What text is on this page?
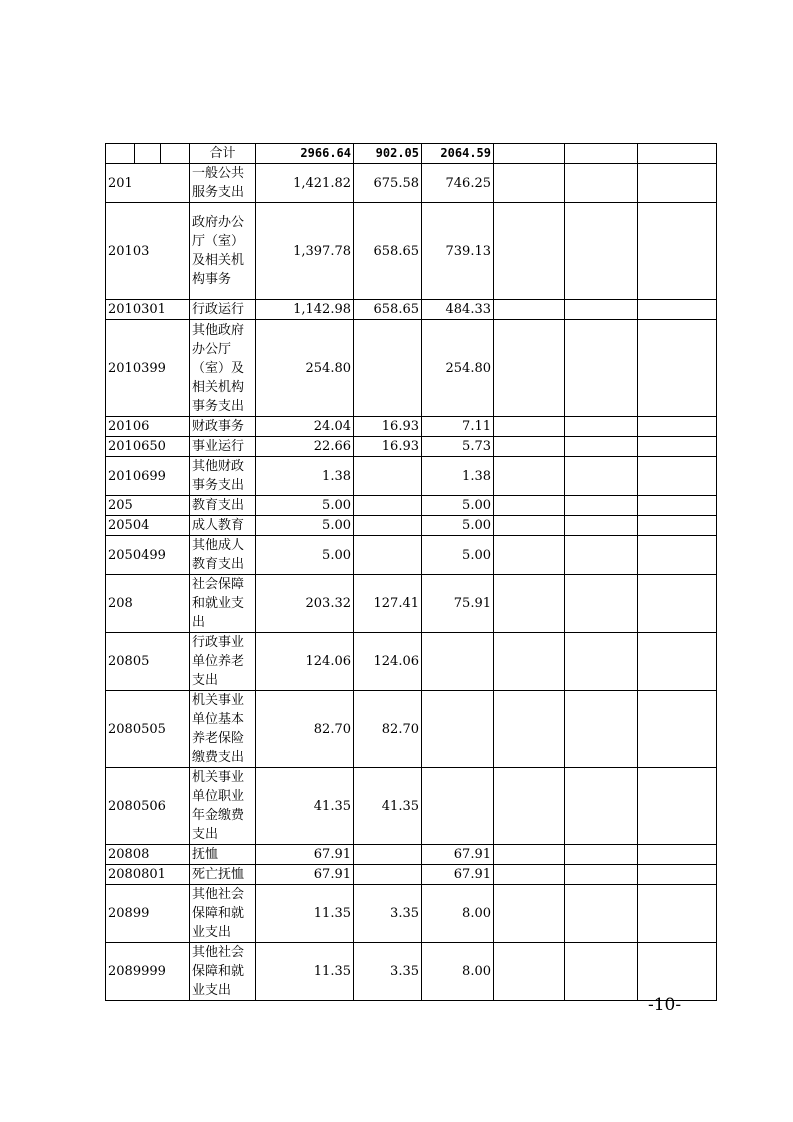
	合计	2966.64	902.05	2064.59			
201	一般公共服务支出	1,421.82	675.58	746.25			
20103	政府办公厅（室）及相关机构事务	1,397.78	658.65	739.13			
2010301	行政运行	1,142.98	658.65	484.33			
2010399	其他政府办公厅（室）及相关机构事务支出	254.80		254.80			
20106	财政事务	24.04	16.93	7.11			
2010650	事业运行	22.66	16.93	5.73			
2010699	其他财政事务支出	1.38		1.38			
205	教育支出	5.00		5.00			
20504	成人教育	5.00		5.00			
2050499	其他成人教育支出	5.00		5.00			
208	社会保障和就业支出	203.32	127.41	75.91			
20805	行政事业单位养老支出	124.06	124.06				
2080505	机关事业单位基本养老保险缴费支出	82.70	82.70				
2080506	机关事业单位职业年金缴费支出	41.35	41.35				
20808	抚恤	67.91		67.91			
2080801	死亡抚恤	67.91		67.91			
20899	其他社会保障和就业支出	11.35	3.35	8.00			
2089999	其他社会保障和就业支出	11.35	3.35	8.00			
-10-
